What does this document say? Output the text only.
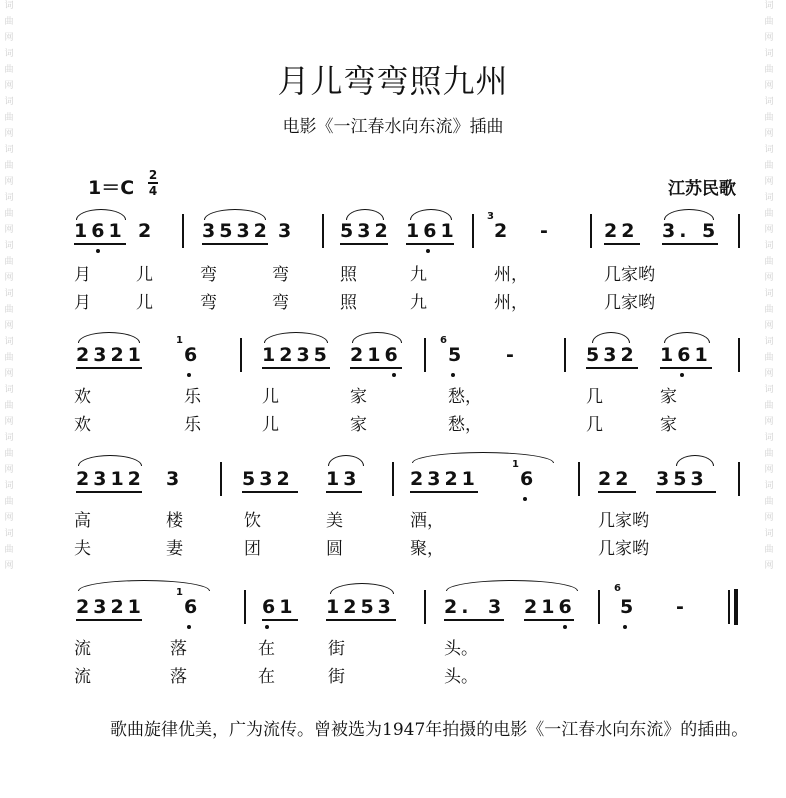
词
曲
网
词
曲
网
词
曲
网
词
曲
网
词
曲
网
词
曲
网
词
曲
网
词
曲
网
词
曲
网
词
曲
网
词
曲
网
词
曲
网
词
曲
网
词
曲
网
词
曲
网
词
曲
网
词
曲
网
词
曲
网
词
曲
网
词
曲
网
词
曲
网
词
曲
网
词
曲
网
词
曲
网
月儿弯弯照九州
电影《一江春水向东流》插曲
1＝C
2
4	江苏民歌
161 2 3532 3 532 161
3
2 -	22 3. 5
月	儿	弯	弯	照	九	州，	几家哟
月	儿	弯	弯	照	九	州，	几家哟
2321
1
6	1235 216
6
5 -	532 161
欢	乐	儿	家	愁，	几	家
欢	乐	儿	家	愁，	几	家
2312 3	532 13	2321
1
6	22 353
高	楼	饮	美	酒，	几家哟
夫	妻	团	圆	聚，	几家哟
2321
1
6	61 1253	2. 3 216
6
5 -
流	落	在	街	头。
流	落	在	街	头。
歌曲旋律优美，广为流传。曾被选为1947年拍摄的电影《一江春水向东流》的插曲。
